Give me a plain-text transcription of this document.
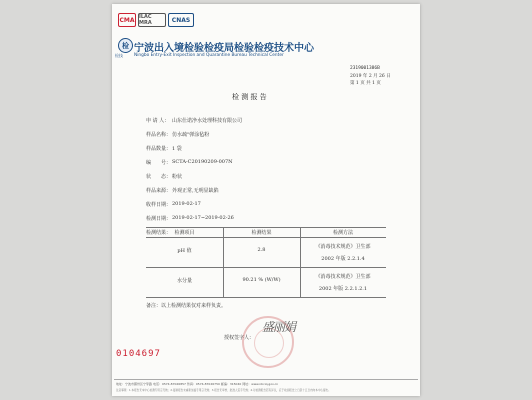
CMA ILAC MRA	CNAS
检
检技
宁波出入境检验检疫局检验检疫技术中心
Ningbo Entry-Exit Inspection and Quarantine Bureau Technical Center
2319001386B
2019 年 2 月 26 日
第 1 页 共 1 页
检 测 报 告
申 请 人： 山东仕诺净水处理科技有限公司
样品名称： 仿水疏"弹涂毡粉
样品数量： 1 袋
编　　号： SCTA-C20190209-007N
状　　态： 粉状
样品来源： 外观正常,无明显缺陷
收样日期： 2019-02-17
检测日期： 2019-02-17~2019-02-26
检测结果： 检测项目	检测结果	检测方法
pH 值	2.8	《消毒技术规范》卫生部
2002 年版 2.2.1.4
水分量	90.21 % (W/W)	《消毒技术规范》卫生部
2002 年版 2.2.1.2.1
备注：以上检测结果仅对来样负责。
授权签字人：
盛丽娟
0104697
地址：宁波市鄞州区宁穿路 电话：0574-87026857 传真：0574-87026750 邮编：315040 网址：www.nbciq.gov.cn
注意事项：1.本报告无本中心检测专用章无效；2.复制报告未重新加盖专用章无效；3.报告无审核、批准人签字无效；4.对检测报告若有异议，应于收到报告之日起十五日内向本中心提出。
